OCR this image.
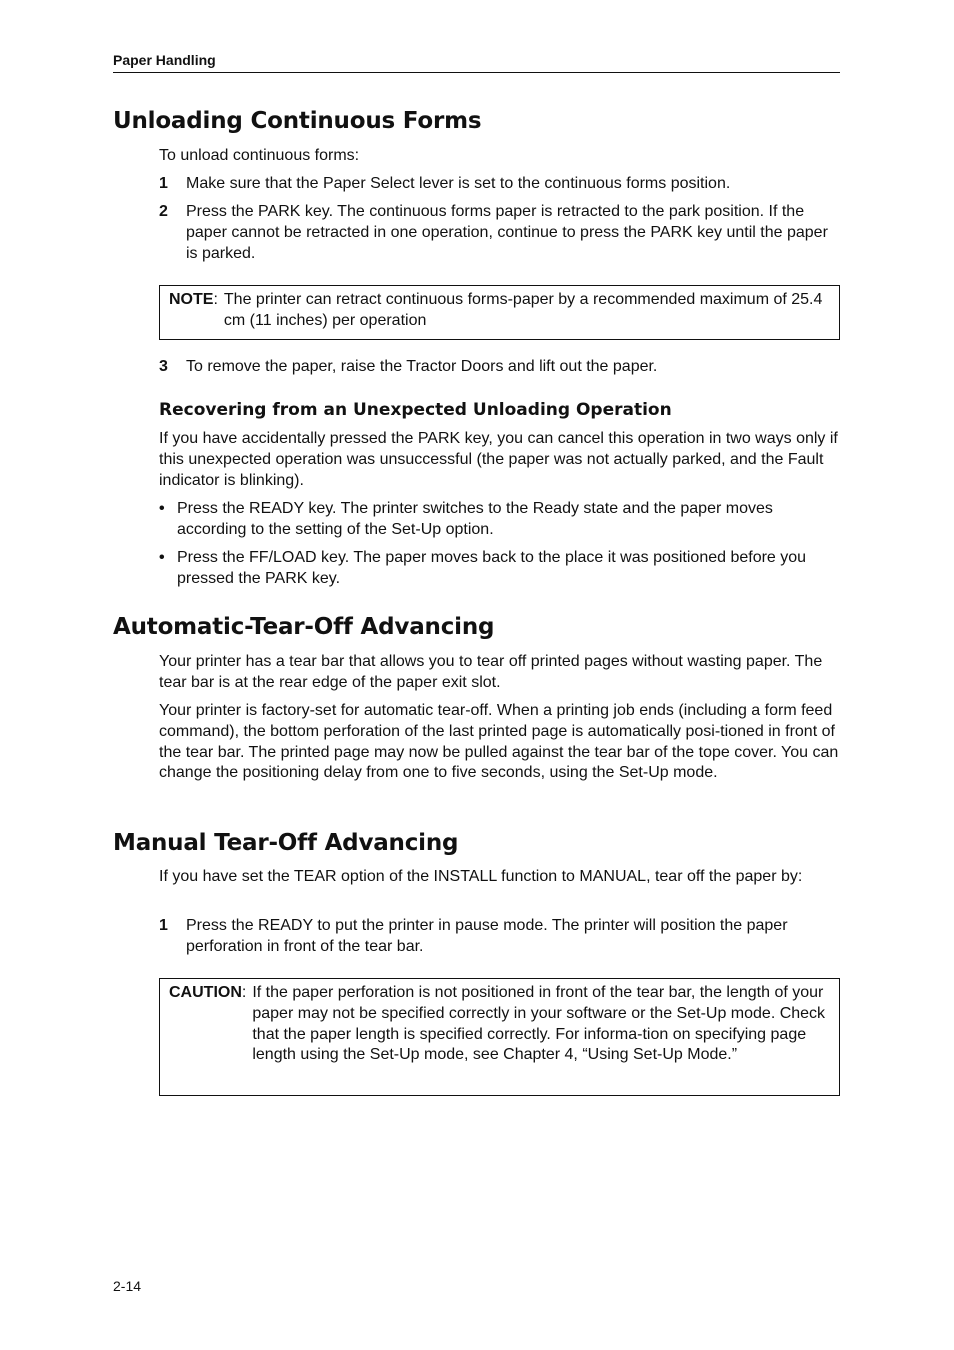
Paper Handling
Unloading Continuous Forms

To unload continuous forms:

1 Make sure that the Paper Select lever is set to the continuous forms position.
2 Press the PARK key. The continuous forms paper is retracted to the park position. If the paper cannot be retracted in one operation, continue to press the PARK key until the paper is parked.
NOTE : The printer can retract continuous forms-paper by a recommended maximum of 25.4 cm (11 inches) per operation
3 To remove the paper, raise the Tractor Doors and lift out the paper.
Recovering from an Unexpected Unloading Operation

If you have accidentally pressed the PARK key, you can cancel this operation in two ways only if this unexpected operation was unsuccessful (the paper was not actually parked, and the Fault indicator is blinking).

• Press the READY key. The printer switches to the Ready state and the paper moves according to the setting of the Set-Up option.
• Press the FF/LOAD key. The paper moves back to the place it was positioned before you pressed the PARK key.
Automatic-Tear-Off Advancing

Your printer has a tear bar that allows you to tear off printed pages without wasting paper. The tear bar is at the rear edge of the paper exit slot.

Your printer is factory-set for automatic tear-off. When a printing job ends (including a form feed command), the bottom perforation of the last printed page is automatically posi-tioned in front of the tear bar. The printed page may now be pulled against the tear bar of the tope cover. You can change the positioning delay from one to five seconds, using the Set-Up mode.

Manual Tear-Off Advancing

If you have set the TEAR option of the INSTALL function to MANUAL, tear off the paper by:

1 Press the READY to put the printer in pause mode. The printer will position the paper perforation in front of the tear bar.
CAUTION : If the paper perforation is not positioned in front of the tear bar, the length of your paper may not be specified correctly in your software or the Set-Up mode. Check that the paper length is specified correctly. For informa-tion on specifying page length using the Set-Up mode, see Chapter 4, “Using Set-Up Mode.”
2-14
